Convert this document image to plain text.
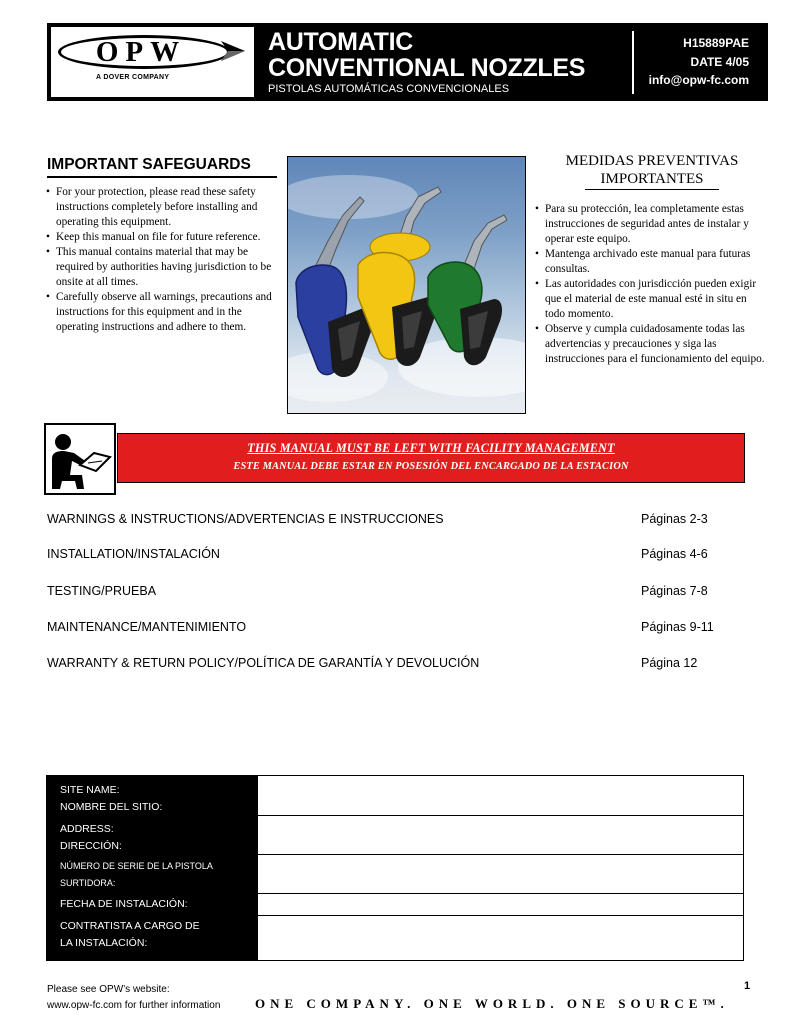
OPW
A DOVER COMPANY
AUTOMATIC
CONVENTIONAL NOZZLES
PISTOLAS AUTOMÁTICAS CONVENCIONALES
H15889PAE
DATE 4/05
info@opw-fc.com
IMPORTANT SAFEGUARDS
• For your protection, please read these safety instructions completely before installing and operating this equipment.
• Keep this manual on file for future reference.
• This manual contains material that may be required by authorities having jurisdiction to be onsite at all times.
• Carefully observe all warnings, precautions and instructions for this equipment and in the operating instructions and adhere to them.
MEDIDAS PREVENTIVAS
IMPORTANTES
• Para su protección, lea completamente estas instrucciones de seguridad antes de instalar y operar este equipo.
• Mantenga archivado este manual para futuras consultas.
• Las autoridades con jurisdicción pueden exigir que el material de este manual esté in situ en todo momento.
• Observe y cumpla cuidadosamente todas las advertencias y precauciones y siga las instrucciones para el funcionamiento del equipo.
THIS MANUAL MUST BE LEFT WITH FACILITY MANAGEMENT
ESTE MANUAL DEBE ESTAR EN POSESIÓN DEL ENCARGADO DE LA ESTACION
WARNINGS & INSTRUCTIONS/ADVERTENCIAS E INSTRUCCIONES	Páginas 2-3
INSTALLATION/INSTALACIÓN	Páginas 4-6
TESTING/PRUEBA	Páginas 7-8
MAINTENANCE/MANTENIMIENTO	Páginas 9-11
WARRANTY & RETURN POLICY/POLÍTICA DE GARANTÍA Y DEVOLUCIÓN	Página 12
SITE NAME:
NOMBRE DEL SITIO:
ADDRESS:
DIRECCIÓN:
NÚMERO DE SERIE DE LA PISTOLA
SURTIDORA:
FECHA DE INSTALACIÓN:
CONTRATISTA A CARGO DE
LA INSTALACIÓN:
Please see OPW’s website:
www.opw-fc.com for further information	ONE COMPANY. ONE WORLD. ONE SOURCE™.
1
